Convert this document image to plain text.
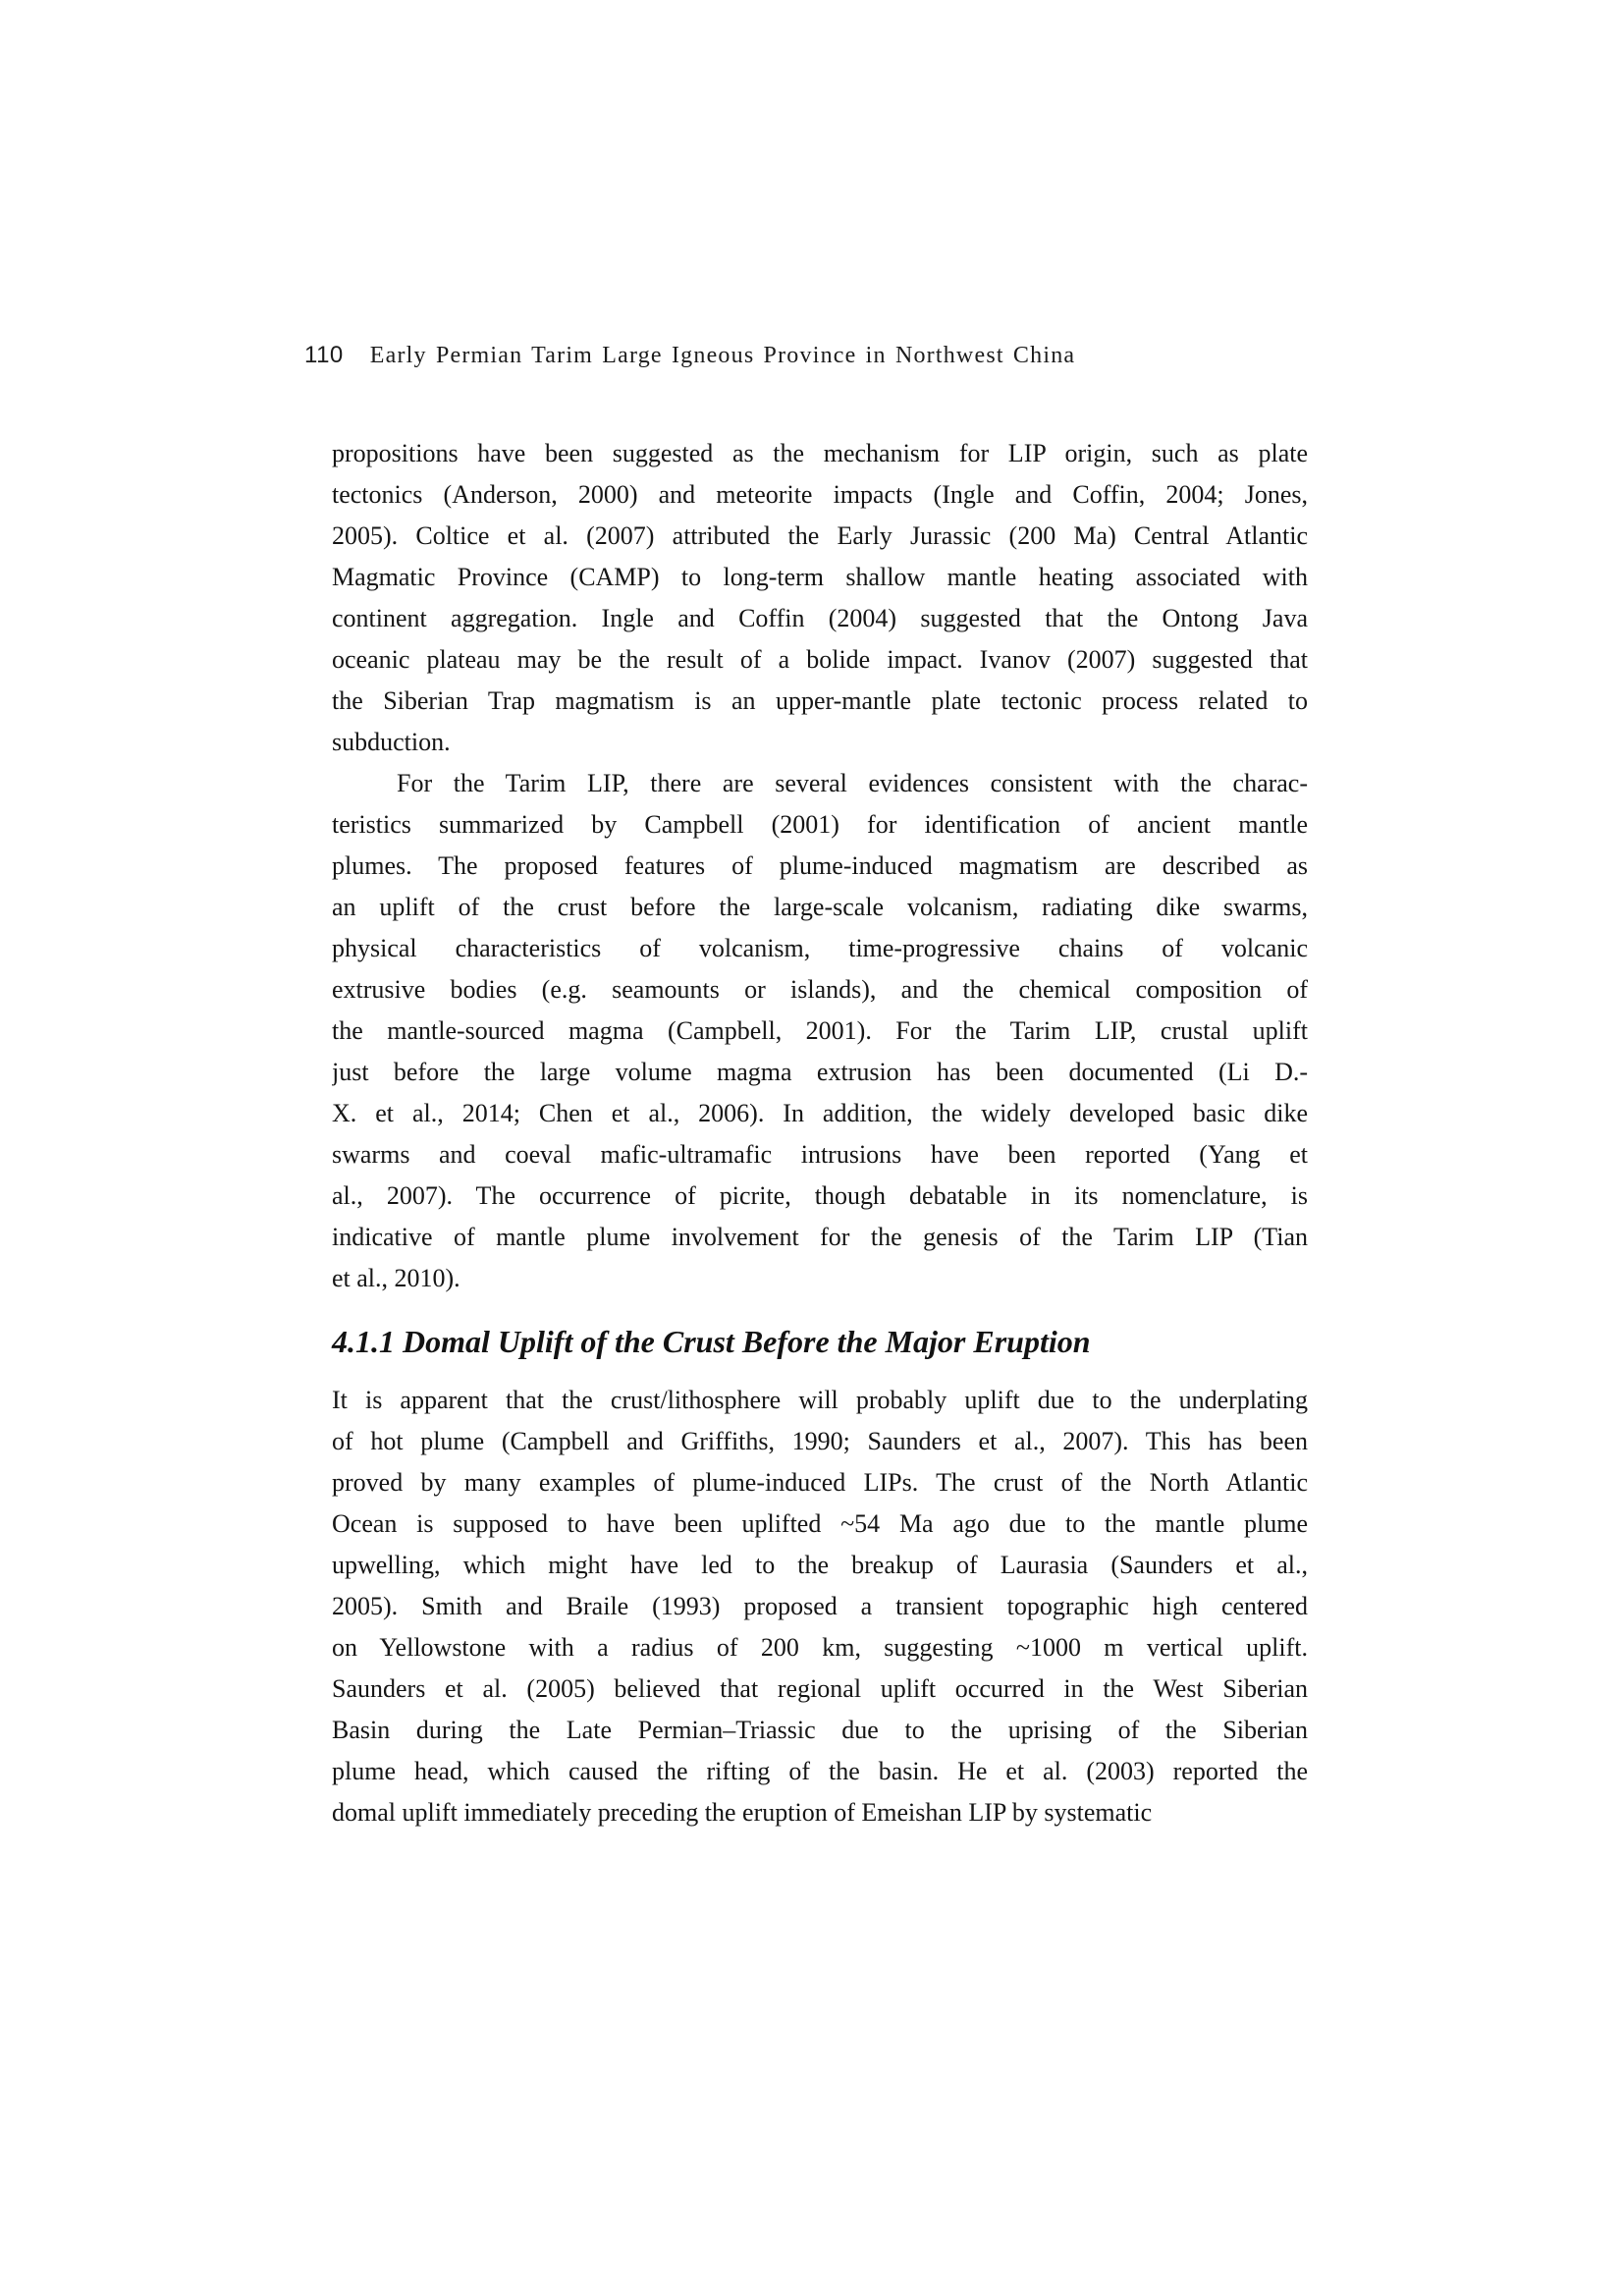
110 Early Permian Tarim Large Igneous Province in Northwest China

propositions have been suggested as the mechanism for LIP origin, such as plate
tectonics (Anderson, 2000) and meteorite impacts (Ingle and Coffin, 2004; Jones,
2005). Coltice et al. (2007) attributed the Early Jurassic (200 Ma) Central Atlantic
Magmatic Province (CAMP) to long-term shallow mantle heating associated with
continent aggregation. Ingle and Coffin (2004) suggested that the Ontong Java
oceanic plateau may be the result of a bolide impact. Ivanov (2007) suggested that
the Siberian Trap magmatism is an upper-mantle plate tectonic process related to
subduction.

For the Tarim LIP, there are several evidences consistent with the charac-
teristics summarized by Campbell (2001) for identification of ancient mantle
plumes. The proposed features of plume-induced magmatism are described as
an uplift of the crust before the large-scale volcanism, radiating dike swarms,
physical characteristics of volcanism, time-progressive chains of volcanic
extrusive bodies (e.g. seamounts or islands), and the chemical composition of
the mantle-sourced magma (Campbell, 2001). For the Tarim LIP, crustal uplift
just before the large volume magma extrusion has been documented (Li D.-
X. et al., 2014; Chen et al., 2006). In addition, the widely developed basic dike
swarms and coeval mafic-ultramafic intrusions have been reported (Yang et
al., 2007). The occurrence of picrite, though debatable in its nomenclature, is
indicative of mantle plume involvement for the genesis of the Tarim LIP (Tian
et al., 2010).

4.1.1 Domal Uplift of the Crust Before the Major Eruption

It is apparent that the crust/lithosphere will probably uplift due to the underplating
of hot plume (Campbell and Griffiths, 1990; Saunders et al., 2007). This has been
proved by many examples of plume-induced LIPs. The crust of the North Atlantic
Ocean is supposed to have been uplifted ~54 Ma ago due to the mantle plume
upwelling, which might have led to the breakup of Laurasia (Saunders et al.,
2005). Smith and Braile (1993) proposed a transient topographic high centered
on Yellowstone with a radius of 200 km, suggesting ~1000 m vertical uplift.
Saunders et al. (2005) believed that regional uplift occurred in the West Siberian
Basin during the Late Permian–Triassic due to the uprising of the Siberian
plume head, which caused the rifting of the basin. He et al. (2003) reported the
domal uplift immediately preceding the eruption of Emeishan LIP by systematic
